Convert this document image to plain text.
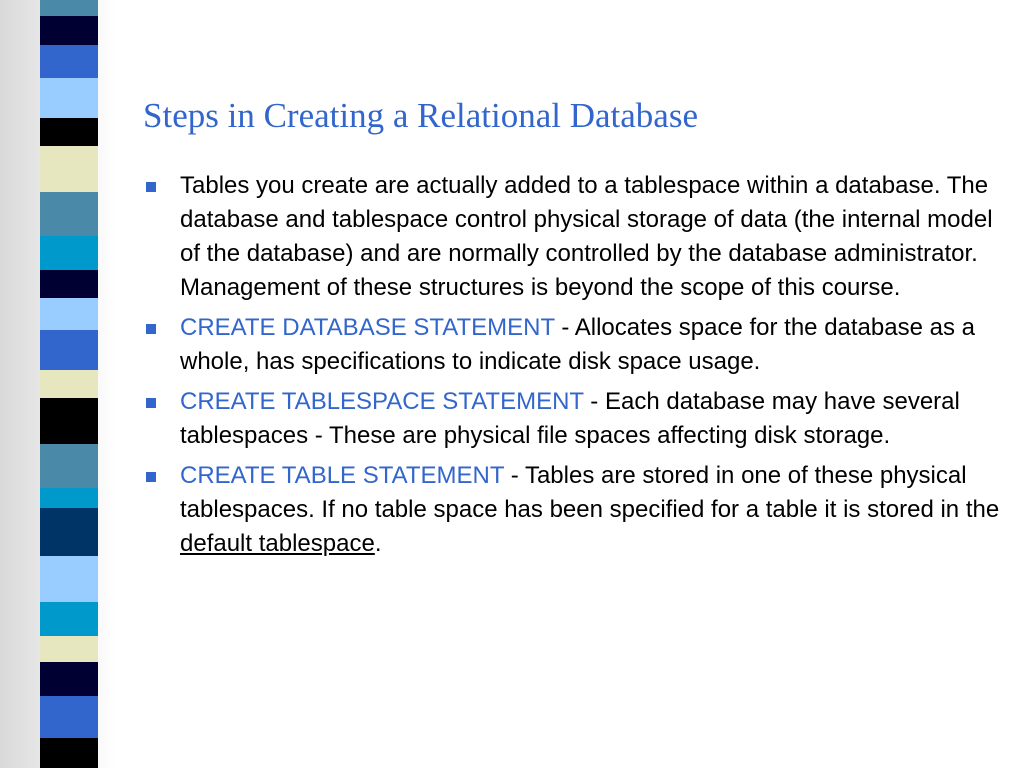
Steps in Creating a Relational Database
Tables you create are actually added to a tablespace within a database. The database and tablespace control physical storage of data (the internal model of the database) and are normally controlled by the database administrator. Management of these structures is beyond the scope of this course.
CREATE DATABASE STATEMENT - Allocates space for the database as a whole, has specifications to indicate disk space usage.
CREATE TABLESPACE STATEMENT - Each database may have several tablespaces - These are physical file spaces affecting disk storage.
CREATE TABLE STATEMENT - Tables are stored in one of these physical tablespaces. If no table space has been specified for a table it is stored in the default tablespace.
